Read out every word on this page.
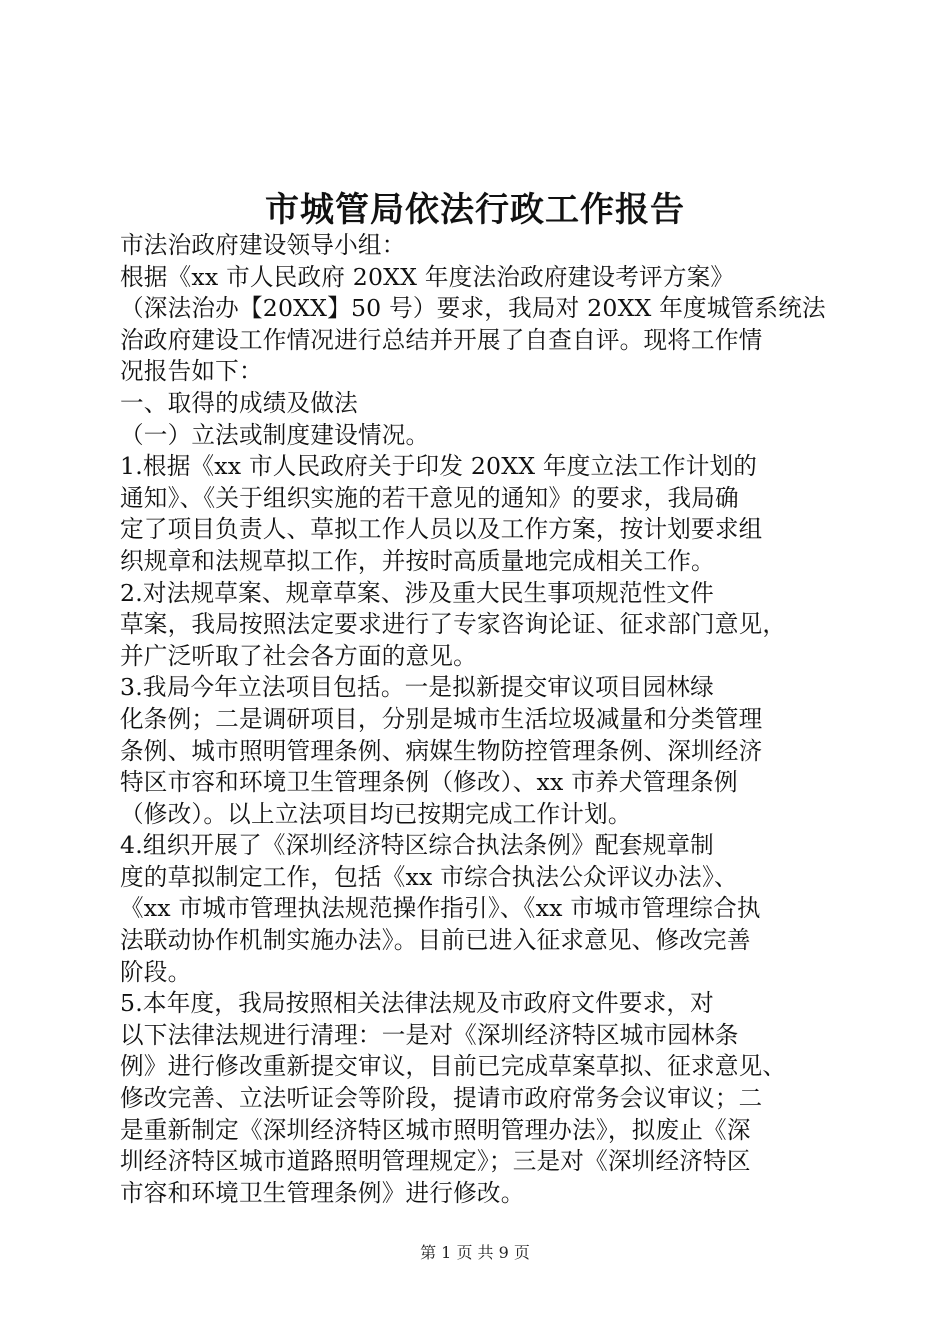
市城管局依法行政工作报告
市法治政府建设领导小组：
根据《xx 市人民政府 20XX 年度法治政府建设考评方案》
（深法治办【20XX】50 号）要求，我局对 20XX 年度城管系统法
治政府建设工作情况进行总结并开展了自查自评。现将工作情
况报告如下：
一、取得的成绩及做法
（一）立法或制度建设情况。
1.根据《xx 市人民政府关于印发 20XX 年度立法工作计划的
通知》、《关于组织实施的若干意见的通知》的要求，我局确
定了项目负责人、草拟工作人员以及工作方案，按计划要求组
织规章和法规草拟工作，并按时高质量地完成相关工作。
2.对法规草案、规章草案、涉及重大民生事项规范性文件
草案，我局按照法定要求进行了专家咨询论证、征求部门意见，
并广泛听取了社会各方面的意见。
3.我局今年立法项目包括。一是拟新提交审议项目园林绿
化条例；二是调研项目，分别是城市生活垃圾减量和分类管理
条例、城市照明管理条例、病媒生物防控管理条例、深圳经济
特区市容和环境卫生管理条例（修改）、xx 市养犬管理条例
（修改）。以上立法项目均已按期完成工作计划。
4.组织开展了《深圳经济特区综合执法条例》配套规章制
度的草拟制定工作，包括《xx 市综合执法公众评议办法》、
《xx 市城市管理执法规范操作指引》、《xx 市城市管理综合执
法联动协作机制实施办法》。目前已进入征求意见、修改完善
阶段。
5.本年度，我局按照相关法律法规及市政府文件要求，对
以下法律法规进行清理：一是对《深圳经济特区城市园林条
例》进行修改重新提交审议，目前已完成草案草拟、征求意见、
修改完善、立法听证会等阶段，提请市政府常务会议审议；二
是重新制定《深圳经济特区城市照明管理办法》，拟废止《深
圳经济特区城市道路照明管理规定》；三是对《深圳经济特区
市容和环境卫生管理条例》进行修改。
第 1 页 共 9 页
